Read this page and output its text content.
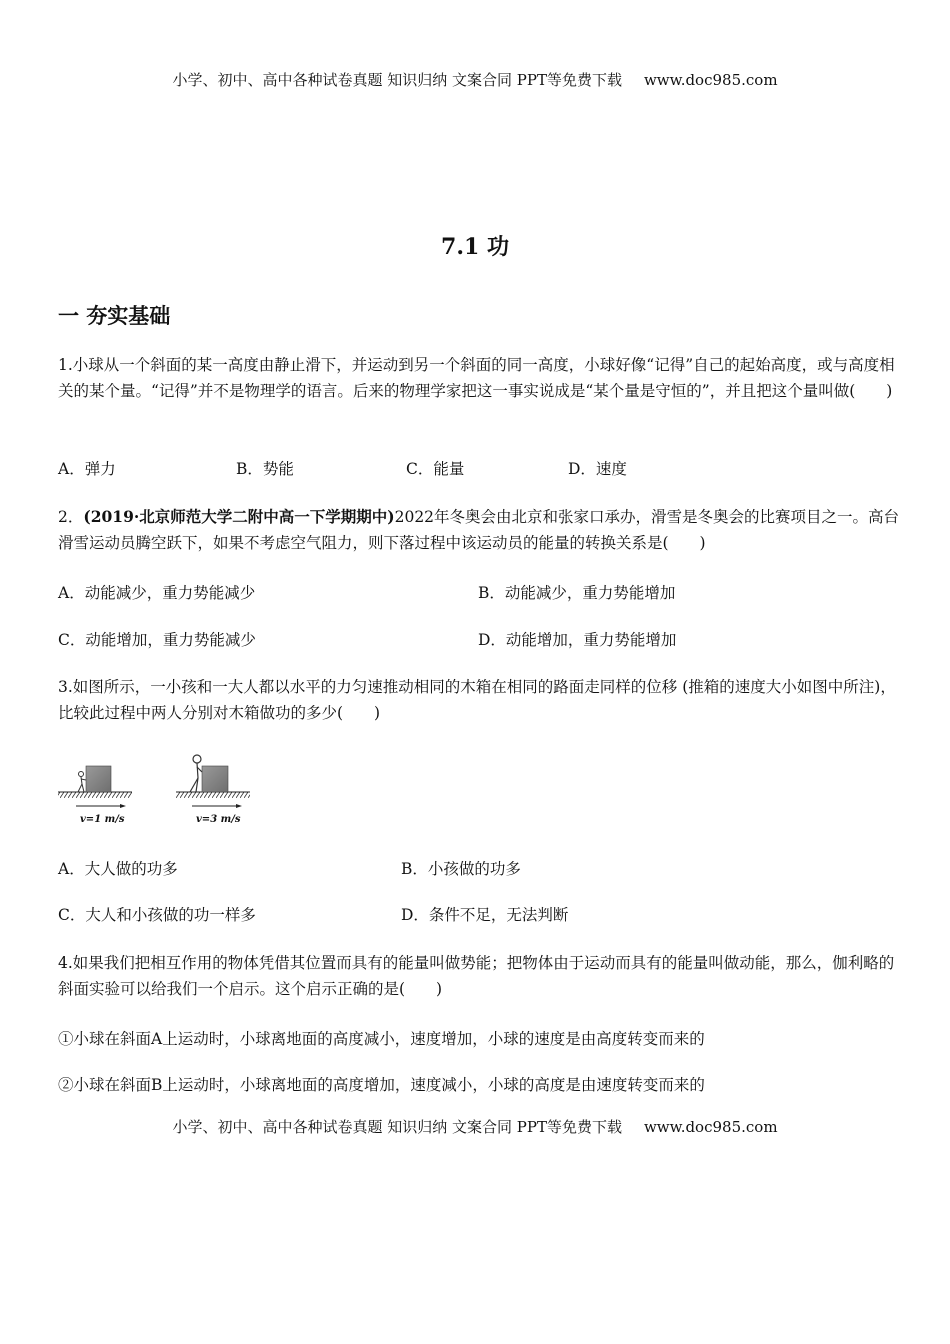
小学、初中、高中各种试卷真题 知识归纳 文案合同 PPT等免费下载 www.doc985.com
7.1 功
一 夯实基础

1.小球从一个斜面的某一高度由静止滑下，并运动到另一个斜面的同一高度，小球好像“记得”自己的起始高度，或与高度相关的某个量。“记得”并不是物理学的语言。后来的物理学家把这一事实说成是“某个量是守恒的”，并且把这个量叫做(　　)

A．弹力	B．势能	C．能量	D．速度

2．(2019·北京师范大学二附中高一下学期期中)2022年冬奥会由北京和张家口承办，滑雪是冬奥会的比赛项目之一。高台滑雪运动员腾空跃下，如果不考虑空气阻力，则下落过程中该运动员的能量的转换关系是(　　)

A．动能减少，重力势能减少	B．动能减少，重力势能增加
C．动能增加，重力势能减少	D．动能增加，重力势能增加

3.如图所示，一小孩和一大人都以水平的力匀速推动相同的木箱在相同的路面走同样的位移 (推箱的速度大小如图中所注)，比较此过程中两人分别对木箱做功的多少(　　)

v=1 m/s	v=3 m/s
A．大人做的功多	B．小孩做的功多
C．大人和小孩做的功一样多	D．条件不足，无法判断

4.如果我们把相互作用的物体凭借其位置而具有的能量叫做势能；把物体由于运动而具有的能量叫做动能，那么，伽利略的斜面实验可以给我们一个启示。这个启示正确的是(　　)

①小球在斜面A上运动时，小球离地面的高度减小，速度增加，小球的速度是由高度转变而来的

②小球在斜面B上运动时，小球离地面的高度增加，速度减小，小球的高度是由速度转变而来的

小学、初中、高中各种试卷真题 知识归纳 文案合同 PPT等免费下载 www.doc985.com
